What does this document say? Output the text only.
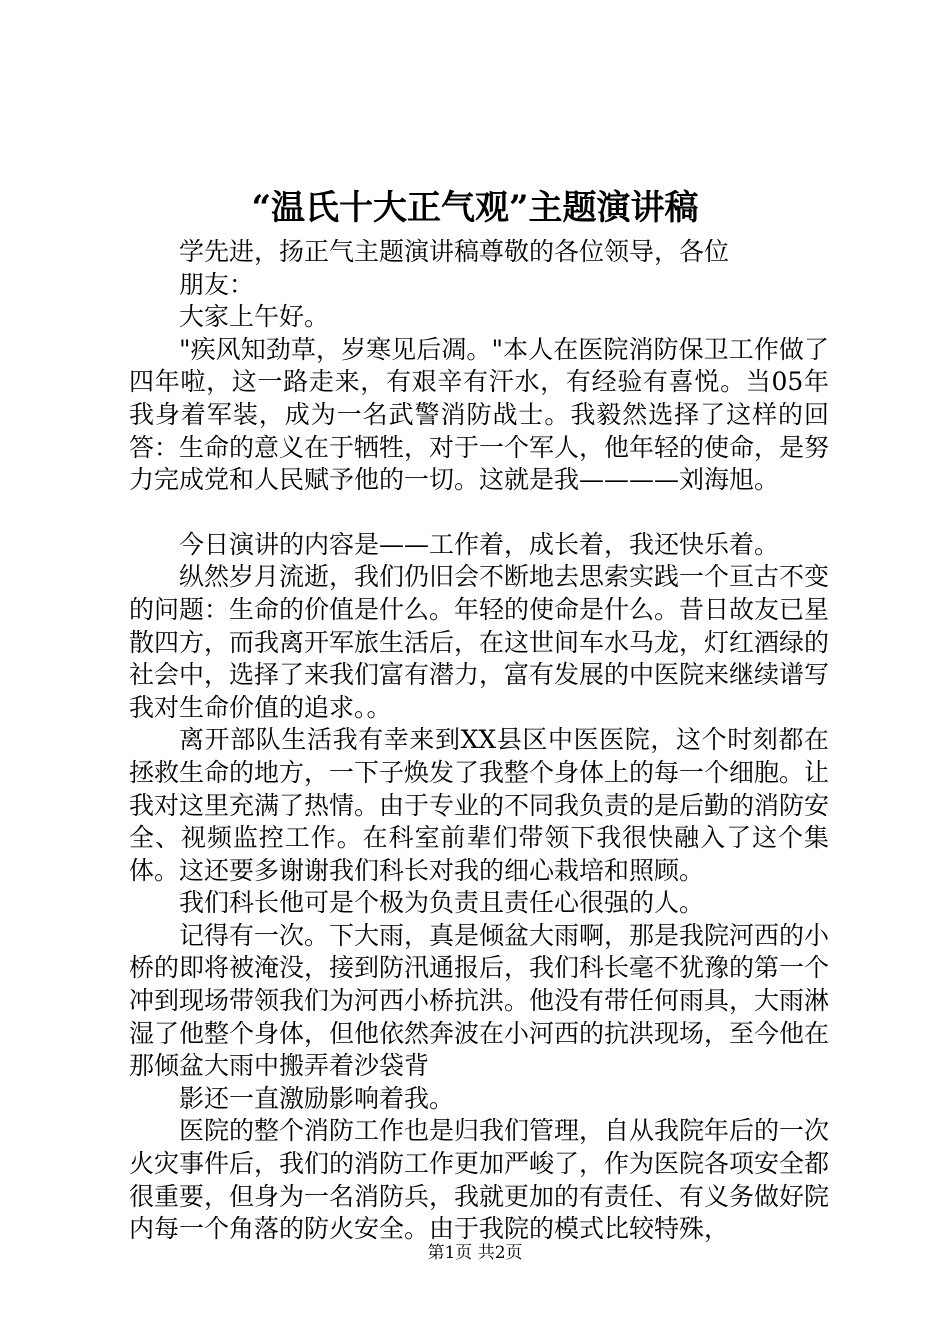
“温氏十大正气观”主题演讲稿

学先进，扬正气主题演讲稿尊敬的各位领导，各位

朋友：

大家上午好。

"疾风知劲草，岁寒见后凋。"本人在医院消防保卫工作做了四年啦，这一路走来，有艰辛有汗水，有经验有喜悦。当05年我身着军装，成为一名武警消防战士。我毅然选择了这样的回答：生命的意义在于牺牲，对于一个军人，他年轻的使命，是努力完成党和人民赋予他的一切。这就是我————刘海旭。

今日演讲的内容是——工作着，成长着，我还快乐着。

纵然岁月流逝，我们仍旧会不断地去思索实践一个亘古不变的问题：生命的价值是什么。年轻的使命是什么。昔日故友已星散四方，而我离开军旅生活后，在这世间车水马龙，灯红酒绿的社会中，选择了来我们富有潜力，富有发展的中医院来继续谱写我对生命价值的追求。。

离开部队生活我有幸来到XX县区中医医院，这个时刻都在拯救生命的地方，一下子焕发了我整个身体上的每一个细胞。让我对这里充满了热情。由于专业的不同我负责的是后勤的消防安全、视频监控工作。在科室前辈们带领下我很快融入了这个集体。这还要多谢谢我们科长对我的细心栽培和照顾。

我们科长他可是个极为负责且责任心很强的人。

记得有一次。下大雨，真是倾盆大雨啊，那是我院河西的小桥的即将被淹没，接到防汛通报后，我们科长毫不犹豫的第一个冲到现场带领我们为河西小桥抗洪。他没有带任何雨具，大雨淋湿了他整个身体，但他依然奔波在小河西的抗洪现场，至今他在那倾盆大雨中搬弄着沙袋背

影还一直激励影响着我。

医院的整个消防工作也是归我们管理，自从我院年后的一次火灾事件后，我们的消防工作更加严峻了，作为医院各项安全都很重要，但身为一名消防兵，我就更加的有责任、有义务做好院内每一个角落的防火安全。由于我院的模式比较特殊，

第1页 共2页
